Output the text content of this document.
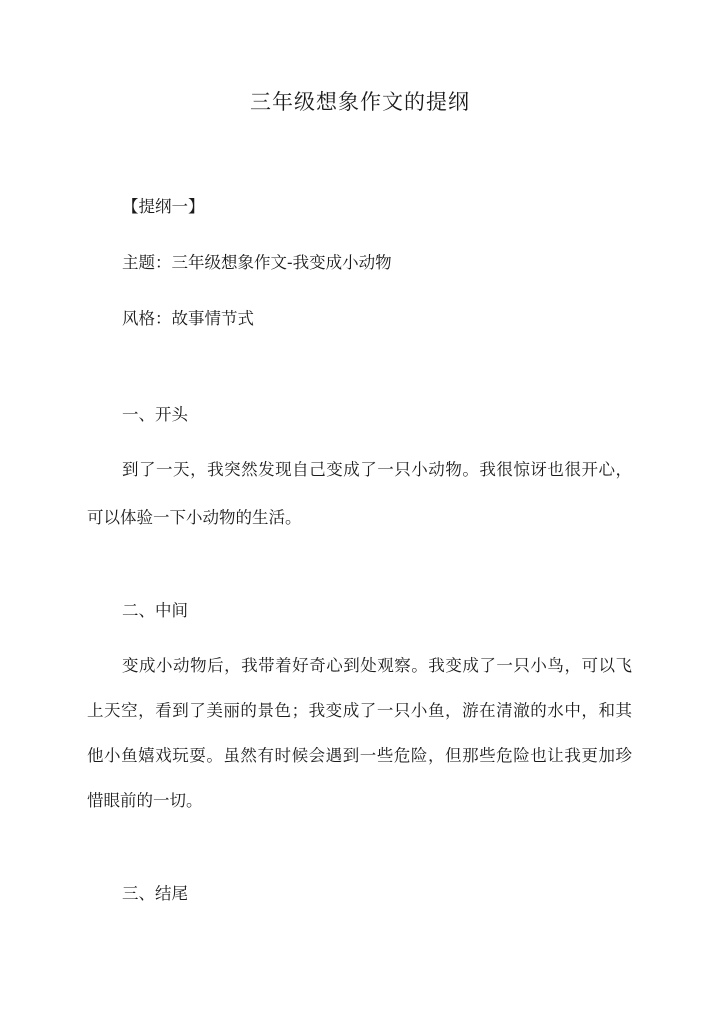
三年级想象作文的提纲
【提纲一】
主题：三年级想象作文-我变成小动物
风格：故事情节式
一、开头
到了一天，我突然发现自己变成了一只小动物。我很惊讶也很开心，
可以体验一下小动物的生活。
二、中间
变成小动物后，我带着好奇心到处观察。我变成了一只小鸟，可以飞
上天空，看到了美丽的景色；我变成了一只小鱼，游在清澈的水中，和其
他小鱼嬉戏玩耍。虽然有时候会遇到一些危险，但那些危险也让我更加珍
惜眼前的一切。
三、结尾
